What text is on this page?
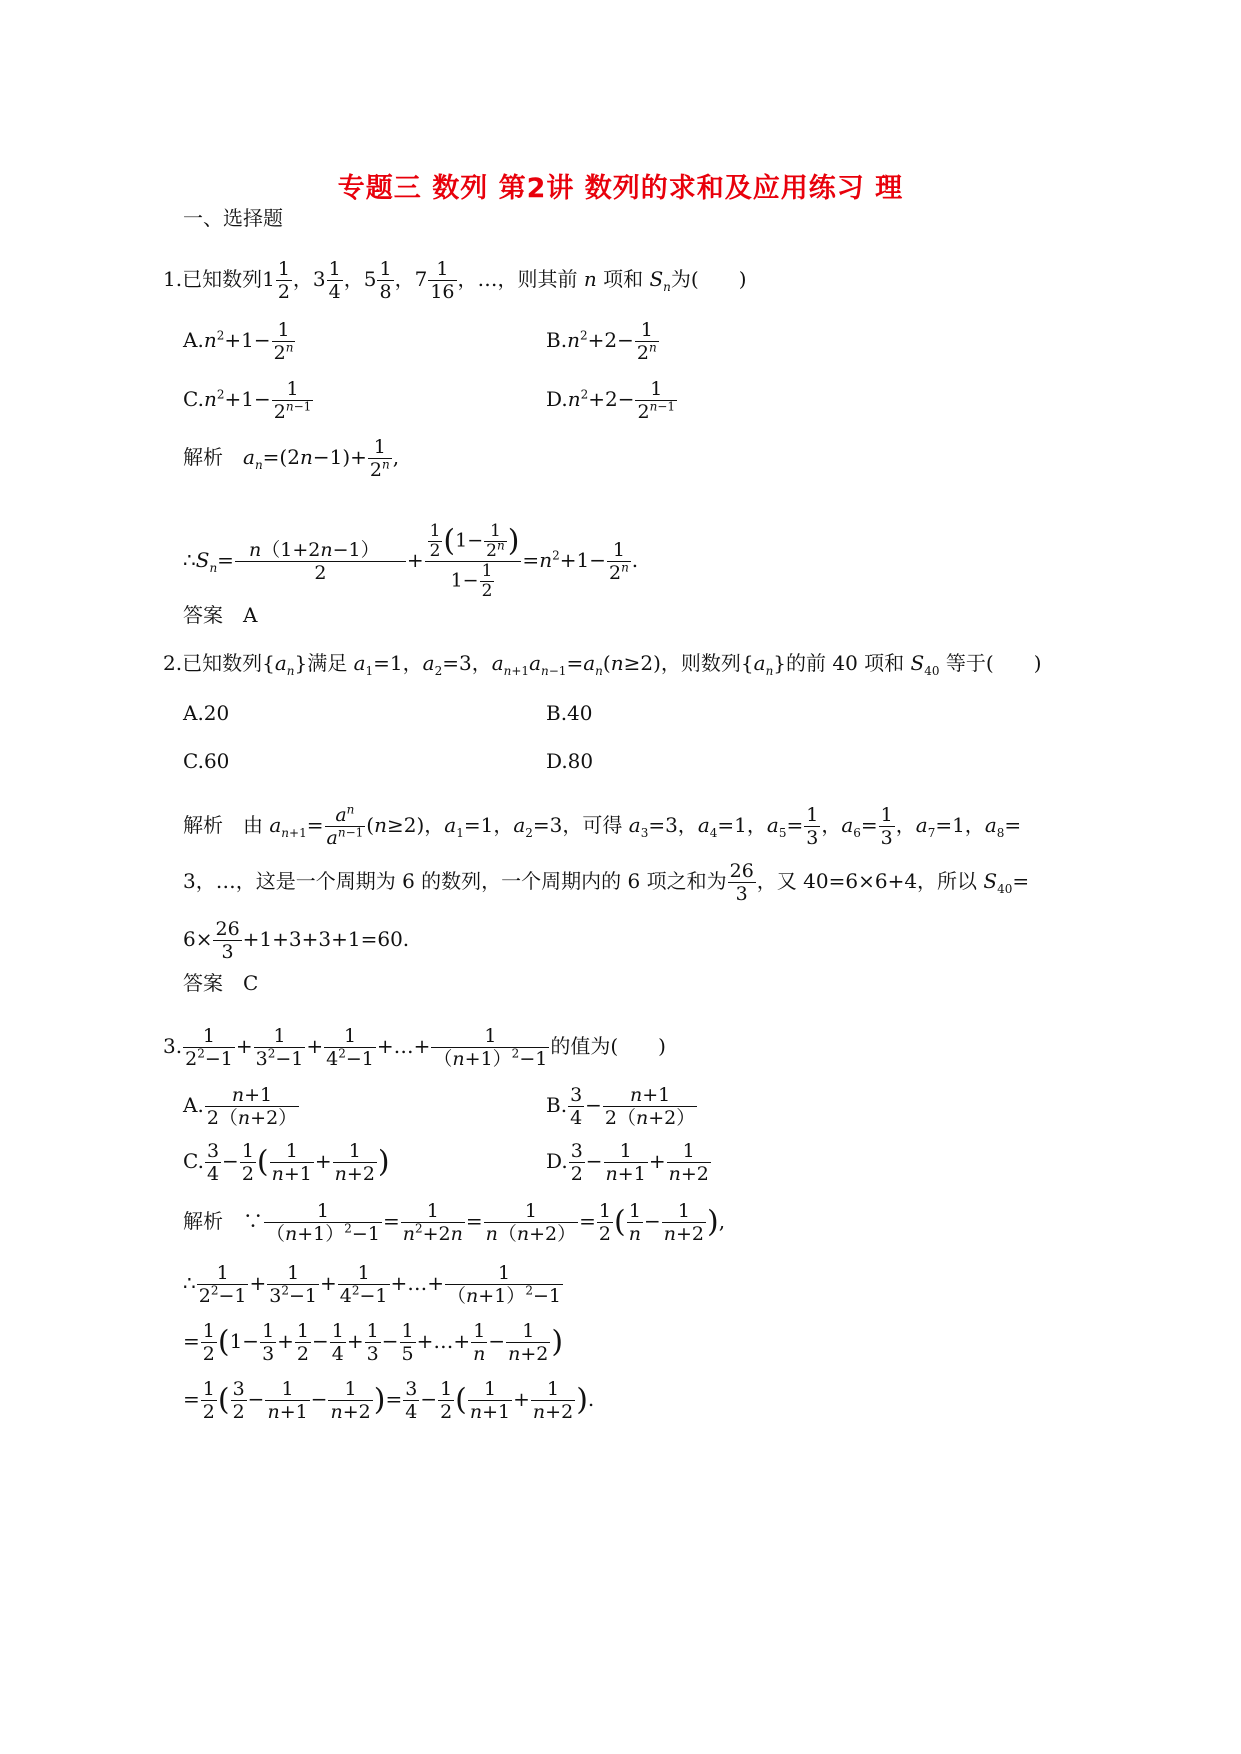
专题三 数列 第2讲 数列的求和及应用练习 理
一、选择题
1.已知数列$1 \frac{1}{2}$ ，$3 \frac{1}{4}$ ，$5 \frac{1}{8}$ ，$7 \frac{1}{16}$ ，…，则其前 n 项和 $S_n$为(　　)
$A.n^2+1- \frac{1}{2^n}$	$B.n^2+2- \frac{1}{2^n}$
$C.n^2+1- \frac{1}{2^{n-1}}$	$D.n^2+2- \frac{1}{2^{n-1}}$
解析　 $a_n=(2n-1)+ \frac{1}{2^n}$ ,
$\therefore S_n= \frac{n(1+2n-1)}{2} + \frac{\frac{1}{2} (1- \frac{1}{2^n} )}{1- \frac{1}{2}} =n^2+1- \frac{1}{2^n}$ .
答案　A
2.已知数列$\{a_n\}$满足 $a_1=1$，$a_2=3$，$a_{n+1}a_{n-1}=a_n(n\ge 2)$，则数列$\{a_n\}$的前 40 项和 $S_{40}$ 等于(　　)
A.20	B.40
C.60	D.80
解析　由 $a_{n+1}= \frac{a^n}{a^{n-1}} (n\ge 2)$，$a_1=1$，$a_2=3$，可得 $a_3=3$，$a_4=1$，$a_5= \frac{1}{3}$ ，$a_6= \frac{1}{3}$ ，$a_7=1$，$a_8=$
3，…，这是一个周期为 6 的数列，一个周期内的 6 项之和为 $\frac{26}{3}$ ，又 40=6×6+4，所以 $S_{40}=$
$6\times \frac{26}{3} +1+3+3+1=60$.
答案　C
3. $\frac{1}{2^2-1} + \frac{1}{3^2-1} + \frac{1}{4^2-1}$ +…+ $\frac{1}{(n+1)^2-1}$ 的值为(　　)
A. $\frac{n+1}{2(n+2)}$	B. $\frac{3}{4} - \frac{n+1}{2(n+2)}$
C. $\frac{3}{4} - \frac{1}{2}$ ( $\frac{1}{n+1} + \frac{1}{n+2}$ )	D. $\frac{3}{2} - \frac{1}{n+1} + \frac{1}{n+2}$
解析　∵ $\frac{1}{(n+1)^2-1} = \frac{1}{n^2+2n} = \frac{1}{n(n+2)} = \frac{1}{2}$ ( $\frac{1}{n} - \frac{1}{n+2}$ ),
∴ $\frac{1}{2^2-1} + \frac{1}{3^2-1} + \frac{1}{4^2-1}$ +…+ $\frac{1}{(n+1)^2-1}$
= $\frac{1}{2} (1- \frac{1}{3} + \frac{1}{2} - \frac{1}{4} + \frac{1}{3} - \frac{1}{5}$ +…+ $\frac{1}{n} - \frac{1}{n+2}$ )
= $\frac{1}{2}$ ( $\frac{3}{2} - \frac{1}{n+1} - \frac{1}{n+2}$ )= $\frac{3}{4} - \frac{1}{2}$ ( $\frac{1}{n+1} + \frac{1}{n+2}$ ).
